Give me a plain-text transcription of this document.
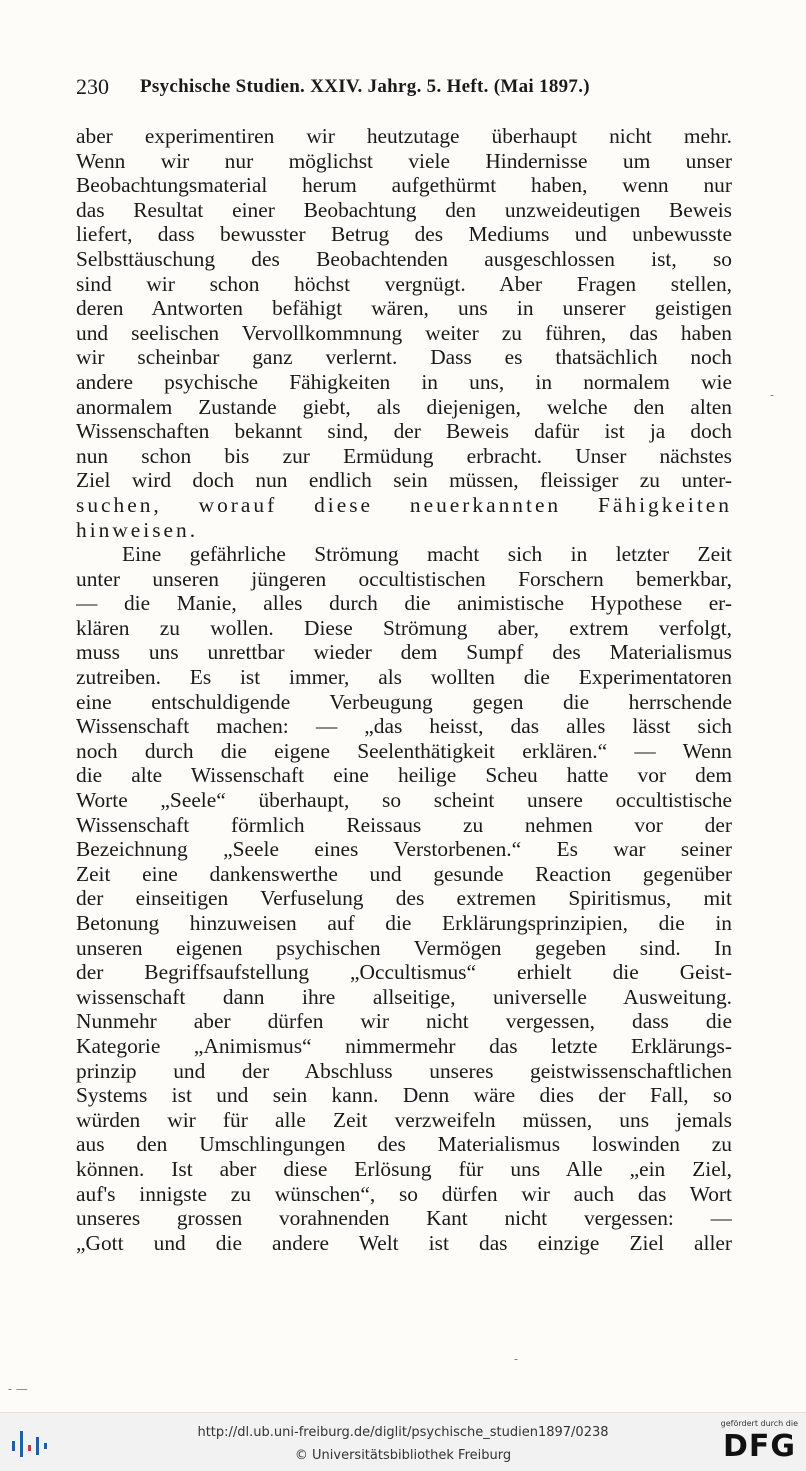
230 Psychische Studien. XXIV. Jahrg. 5. Heft. (Mai 1897.)
aber experimentiren wir heutzutage überhaupt nicht mehr.
Wenn wir nur möglichst viele Hindernisse um unser
Beobachtungsmaterial herum aufgethürmt haben, wenn nur
das Resultat einer Beobachtung den unzweideutigen Beweis
liefert, dass bewusster Betrug des Mediums und unbewusste
Selbsttäuschung des Beobachtenden ausgeschlossen ist, so
sind wir schon höchst vergnügt. Aber Fragen stellen,
deren Antworten befähigt wären, uns in unserer geistigen
und seelischen Vervollkommnung weiter zu führen, das haben
wir scheinbar ganz verlernt. Dass es thatsächlich noch
andere psychische Fähigkeiten in uns, in normalem wie
anormalem Zustande giebt, als diejenigen, welche den alten
Wissenschaften bekannt sind, der Beweis dafür ist ja doch
nun schon bis zur Ermüdung erbracht. Unser nächstes
Ziel wird doch nun endlich sein müssen, fleissiger zu unter-
suchen, worauf diese neuerkannten Fähigkeiten
hinweisen.
Eine gefährliche Strömung macht sich in letzter Zeit
unter unseren jüngeren occultistischen Forschern bemerkbar,
— die Manie, alles durch die animistische Hypothese er-
klären zu wollen. Diese Strömung aber, extrem verfolgt,
muss uns unrettbar wieder dem Sumpf des Materialismus
zutreiben. Es ist immer, als wollten die Experimentatoren
eine entschuldigende Verbeugung gegen die herrschende
Wissenschaft machen: — „das heisst, das alles lässt sich
noch durch die eigene Seelenthätigkeit erklären.“ — Wenn
die alte Wissenschaft eine heilige Scheu hatte vor dem
Worte „Seele“ überhaupt, so scheint unsere occultistische
Wissenschaft förmlich Reissaus zu nehmen vor der
Bezeichnung „Seele eines Verstorbenen.“ Es war seiner
Zeit eine dankenswerthe und gesunde Reaction gegenüber
der einseitigen Verfuselung des extremen Spiritismus, mit
Betonung hinzuweisen auf die Erklärungsprinzipien, die in
unseren eigenen psychischen Vermögen gegeben sind. In
der Begriffsaufstellung „Occultismus“ erhielt die Geist-
wissenschaft dann ihre allseitige, universelle Ausweitung.
Nunmehr aber dürfen wir nicht vergessen, dass die
Kategorie „Animismus“ nimmermehr das letzte Erklärungs-
prinzip und der Abschluss unseres geistwissenschaftlichen
Systems ist und sein kann. Denn wäre dies der Fall, so
würden wir für alle Zeit verzweifeln müssen, uns jemals
aus den Umschlingungen des Materialismus loswinden zu
können. Ist aber diese Erlösung für uns Alle „ein Ziel,
auf's innigste zu wünschen“, so dürfen wir auch das Wort
unseres grossen vorahnenden Kant nicht vergessen: —
„Gott und die andere Welt ist das einzige Ziel aller
-
-
- —
http://dl.ub.uni-freiburg.de/diglit/psychische_studien1897/0238
© Universitätsbibliothek Freiburg
gefördert durch die
DFG
